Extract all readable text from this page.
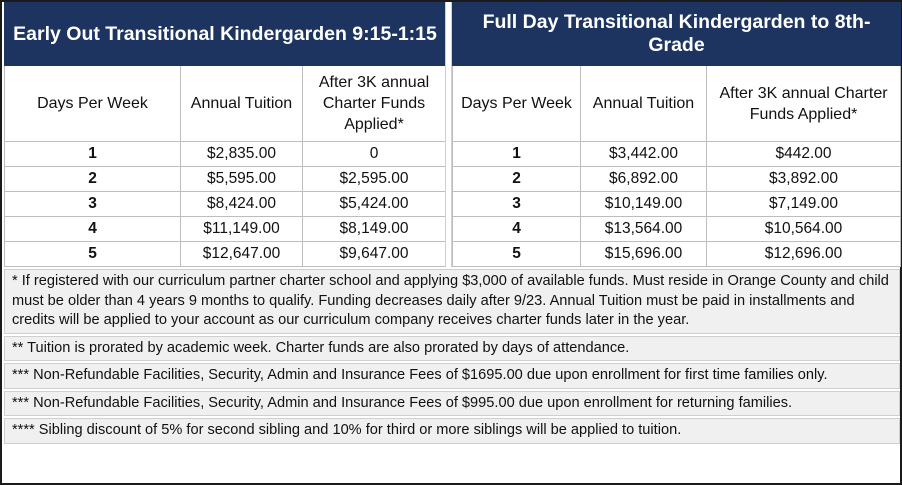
Early Out Transitional Kindergarden 9:15-1:15		
Days Per Week	Annual Tuition	After 3K annual Charter Funds Applied*
1	$2,835.00	0
2	$5,595.00	$2,595.00
3	$8,424.00	$5,424.00
4	$11,149.00	$8,149.00
5	$12,647.00	$9,647.00
Full Day Transitional Kindergarden to 8th-Grade		
Days Per Week	Annual Tuition	After 3K annual Charter Funds Applied*
1	$3,442.00	$442.00
2	$6,892.00	$3,892.00
3	$10,149.00	$7,149.00
4	$13,564.00	$10,564.00
5	$15,696.00	$12,696.00
* If registered with our curriculum partner charter school and applying $3,000 of available funds. Must reside in Orange County and child must be older than 4 years 9 months to qualify. Funding decreases daily after 9/23. Annual Tuition must be paid in installments and credits will be applied to your account as our curriculum company receives charter funds later in the year.
** Tuition is prorated by academic week. Charter funds are also prorated by days of attendance.
*** Non-Refundable Facilities, Security, Admin and Insurance Fees of $1695.00 due upon enrollment for first time families only.
*** Non-Refundable Facilities, Security, Admin and Insurance Fees of $995.00 due upon enrollment for returning families.
**** Sibling discount of 5% for second sibling and 10% for third or more siblings will be applied to tuition.
